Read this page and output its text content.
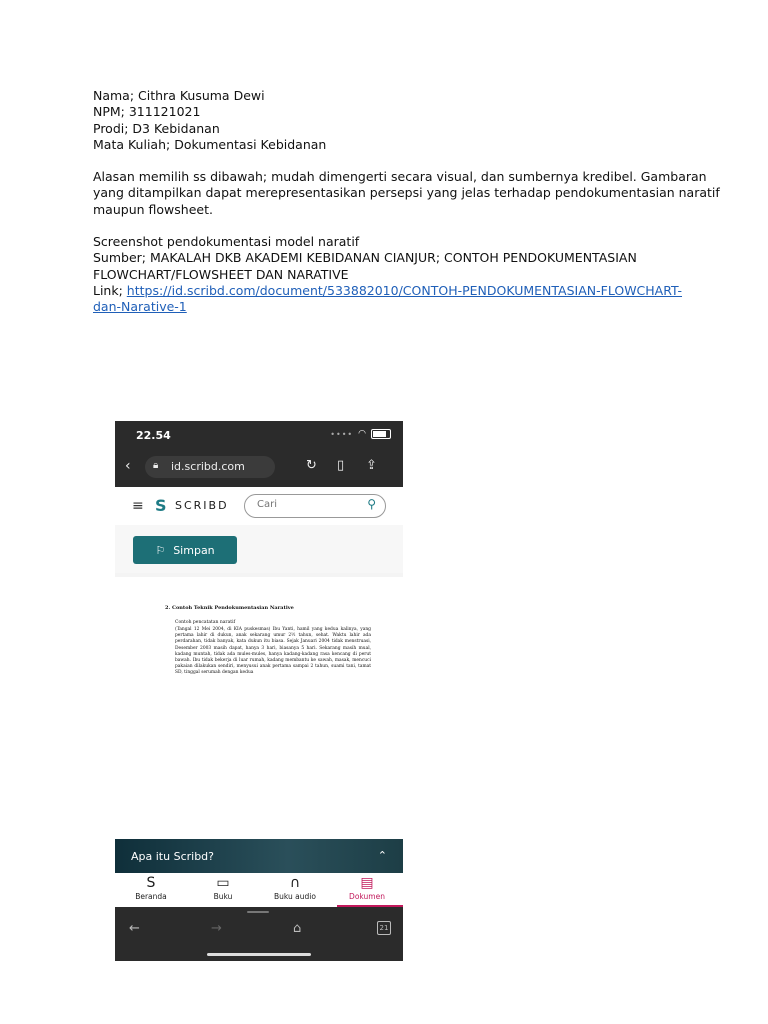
Nama; Cithra Kusuma Dewi
NPM; 311121021
Prodi; D3 Kebidanan
Mata Kuliah; Dokumentasi Kebidanan
Alasan memilih ss dibawah; mudah dimengerti secara visual, dan sumbernya kredibel. Gambaran
yang ditampilkan dapat merepresentasikan persepsi yang jelas terhadap pendokumentasian naratif
maupun flowsheet.
Screenshot pendokumentasi model naratif
Sumber; MAKALAH DKB AKADEMI KEBIDANAN CIANJUR; CONTOH PENDOKUMENTASIAN
FLOWCHART/FLOWSHEET DAN NARATIVE
Link; https://id.scribd.com/document/533882010/CONTOH-PENDOKUMENTASIAN-FLOWCHART-
dan-Narative-1
22.54	•••• ◠
‹ 🔒︎ id.scribd.com	↻ ▯ ⇪
≡ S SCRIBD
Cari	⚲
⚐ Simpan
2. Contoh Teknik Pendokumentasian Narative
Contoh pencatatan naratif
(Tangal 12 Mei 2004, di KIA puskesmas) Ibu Yanti, hamil yang kedua kalinya, yang pertama lahir di dukun, anak sekarang umur 2½ tahun, sehat. Waktu lahir ada perdarahan, tidak banyak, kata dukun itu biasa. Sejak Januari 2004 tidak menstruasi, Desember 2003 masih dapat, hanya 3 hari, biasanya 5 hari. Sekarang masih mual, kadang muntah, tidak ada mules-mules, hanya kadang-kadang rasa kencang di perut bawah. Ibu tidak bekerja di luar rumah, kadang membantu ke sawah, masak, mencuci pakaian dilakukan sendiri, menyusui anak pertama sampai 2 tahun, suami tani, tamat SD, tinggal serumah dengan kedua
Apa itu Scribd?	⌃
S
Beranda
▭
Buku
∩
Buku audio
▤
Dokumen
←	→	⌂	21
